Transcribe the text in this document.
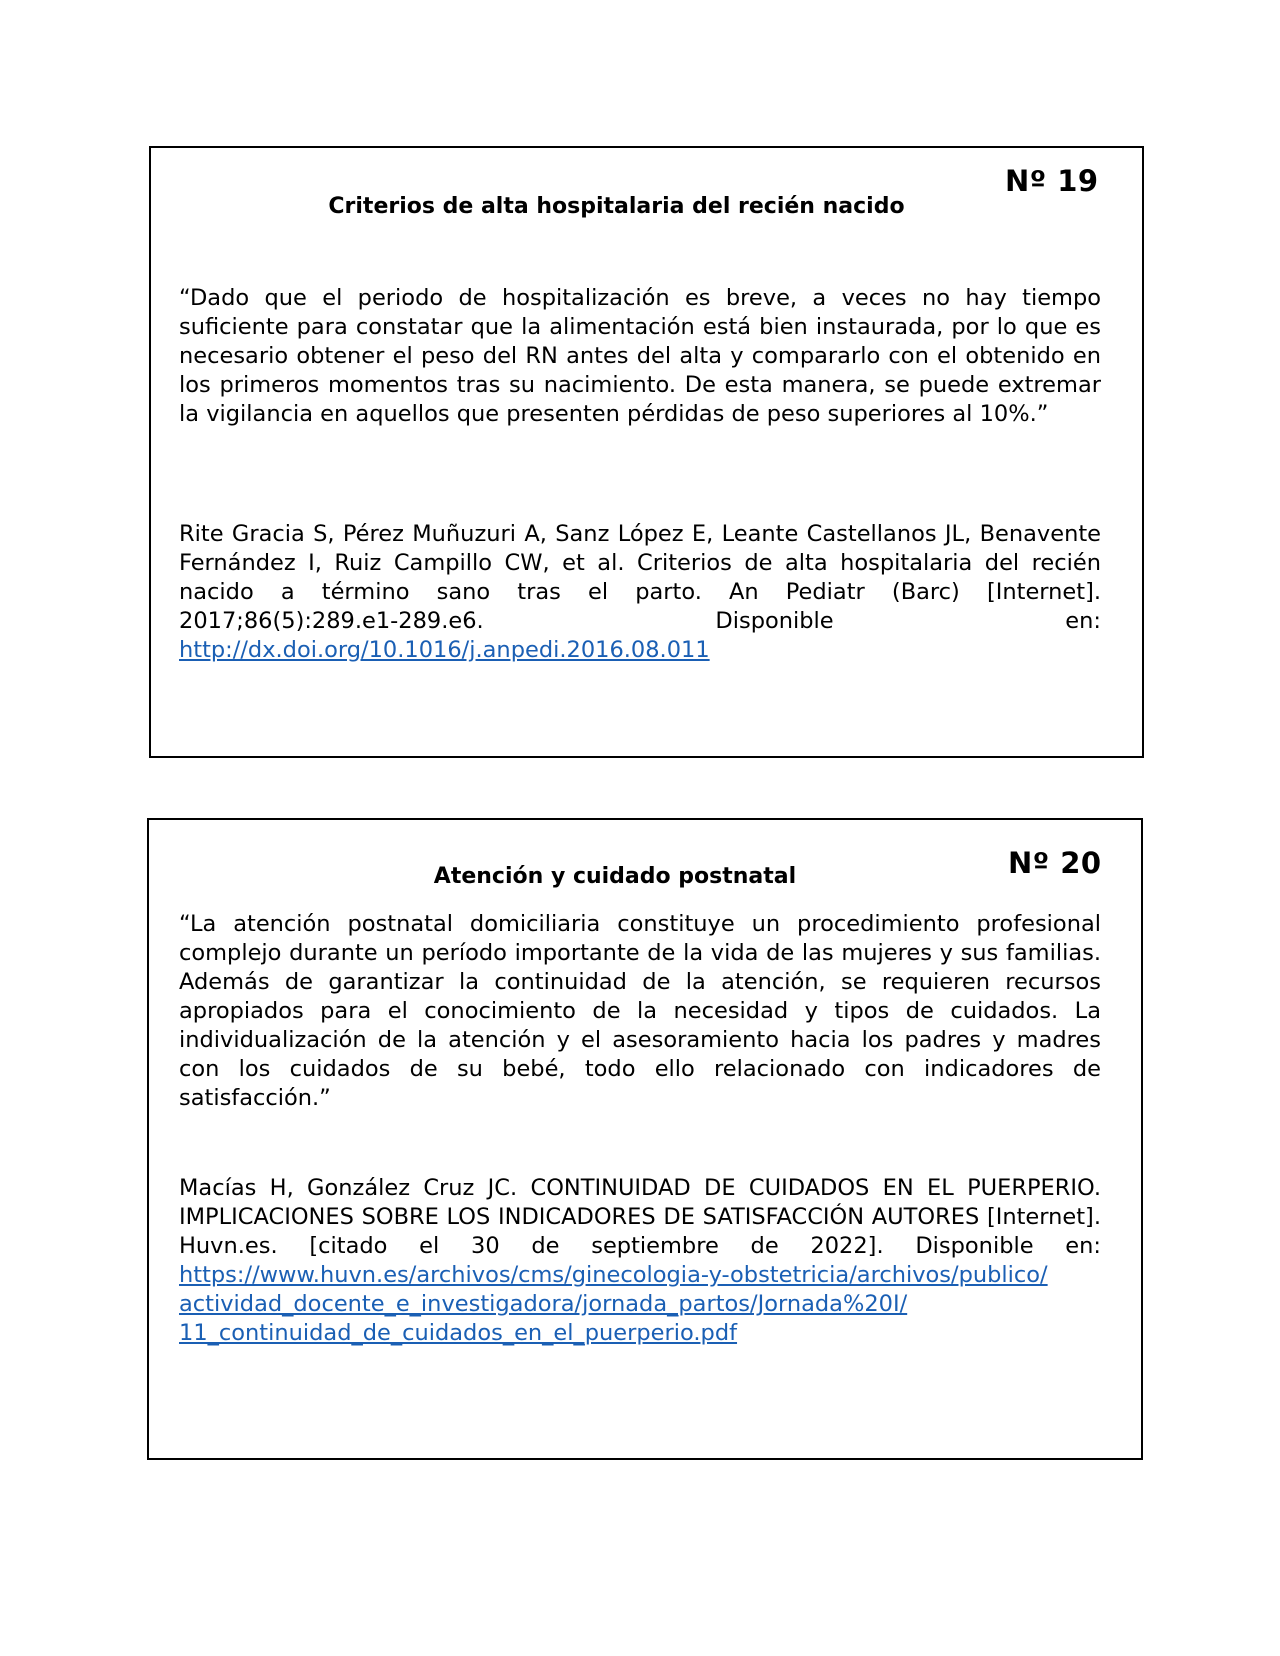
Nº 19
Criterios de alta hospitalaria del recién nacido

“Dado que el periodo de hospitalización es breve, a veces no hay tiempo suficiente para constatar que la alimentación está bien instaurada, por lo que es necesario obtener el peso del RN antes del alta y compararlo con el obtenido en los primeros momentos tras su nacimiento. De esta manera, se puede extremar la vigilancia en aquellos que presenten pérdidas de peso superiores al 10%.”

Rite Gracia S, Pérez Muñuzuri A, Sanz López E, Leante Castellanos JL, Benavente Fernández I, Ruiz Campillo CW, et al. Criterios de alta hospitalaria del recién nacido a término sano tras el parto. An Pediatr (Barc) [Internet]. 2017;86(5):289.e1-289.e6. Disponible en: http://dx.doi.org/10.1016/j.anpedi.2016.08.011

Nº 20
Atención y cuidado postnatal

“La atención postnatal domiciliaria constituye un procedimiento profesional complejo durante un período importante de la vida de las mujeres y sus familias. Además de garantizar la continuidad de la atención, se requieren recursos apropiados para el conocimiento de la necesidad y tipos de cuidados. La individualización de la atención y el asesoramiento hacia los padres y madres con los cuidados de su bebé, todo ello relacionado con indicadores de satisfacción.”

Macías H, González Cruz JC. CONTINUIDAD DE CUIDADOS EN EL PUERPERIO. IMPLICACIONES SOBRE LOS INDICADORES DE SATISFACCIÓN AUTORES [Internet]. Huvn.es. [citado el 30 de septiembre de 2022]. Disponible en: https://www.huvn.es/archivos/cms/ginecologia-y-obstetricia/archivos/publico/ actividad_docente_e_investigadora/jornada_partos/Jornada%20I/ 11_continuidad_de_cuidados_en_el_puerperio.pdf
